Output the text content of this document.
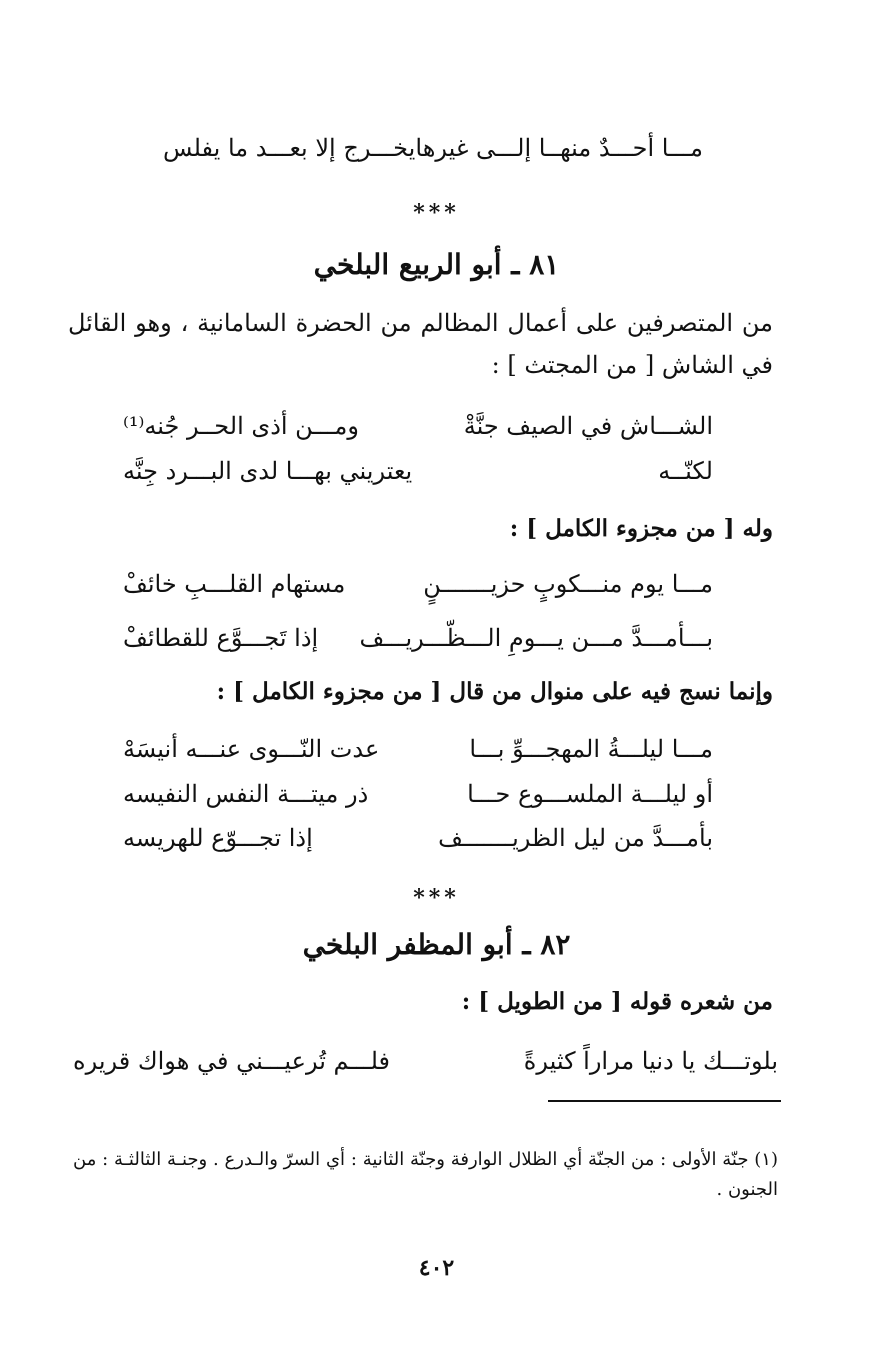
مـــا أحـــدٌ منهــا إلـــى غيرها
يخـــرج إلا بعـــد ما يفلس
***
٨١ ـ أبو الربيع البلخي
من المتصرفين على أعمال المظالم من الحضرة السامانية ، وهو القائل في الشاش [ من المجتث ] :
الشـــاش في الصيف جنَّةْ
ومـــن أذى الحــر جُنه⁽¹⁾
لكنّــه
يعتريني بهـــا لدى البـــرد جِنَّه
وله [ من مجزوء الكامل ] :
مـــا يوم منـــكوبٍ حزيـــــــنٍ
مستهام القلـــبِ خائفْ
بـــأمـــدَّ مـــن يـــومِ الـــظّـــريـــف
إذا تَجـــوَّع للقطائفْ
وإنما نسج فيه على منوال من قال [ من مجزوء الكامل ] :
مـــا ليلـــةُ المهجـــوِّ بـــا
عدت النّـــوى عنـــه أنيسَهْ
أو ليلـــة الملســـوع حـــا
ذر ميتـــة النفس النفيسه
بأمـــدَّ من ليل الظريـــــــف
إذا تجـــوّع للهريسه
***
٨٢ ـ أبو المظفر البلخي
من شعره قوله [ من الطويل ] :
بلوتـــك يا دنيا مراراً كثيرةً
فلـــم تُرعيـــني في هواك قريره
(١) جنّة الأولى : من الجنّة أي الظلال الوارفة وجنّة الثانية : أي السرّ والـدرع . وجنـة الثالثـة : من الجنون .
٤٠٢
